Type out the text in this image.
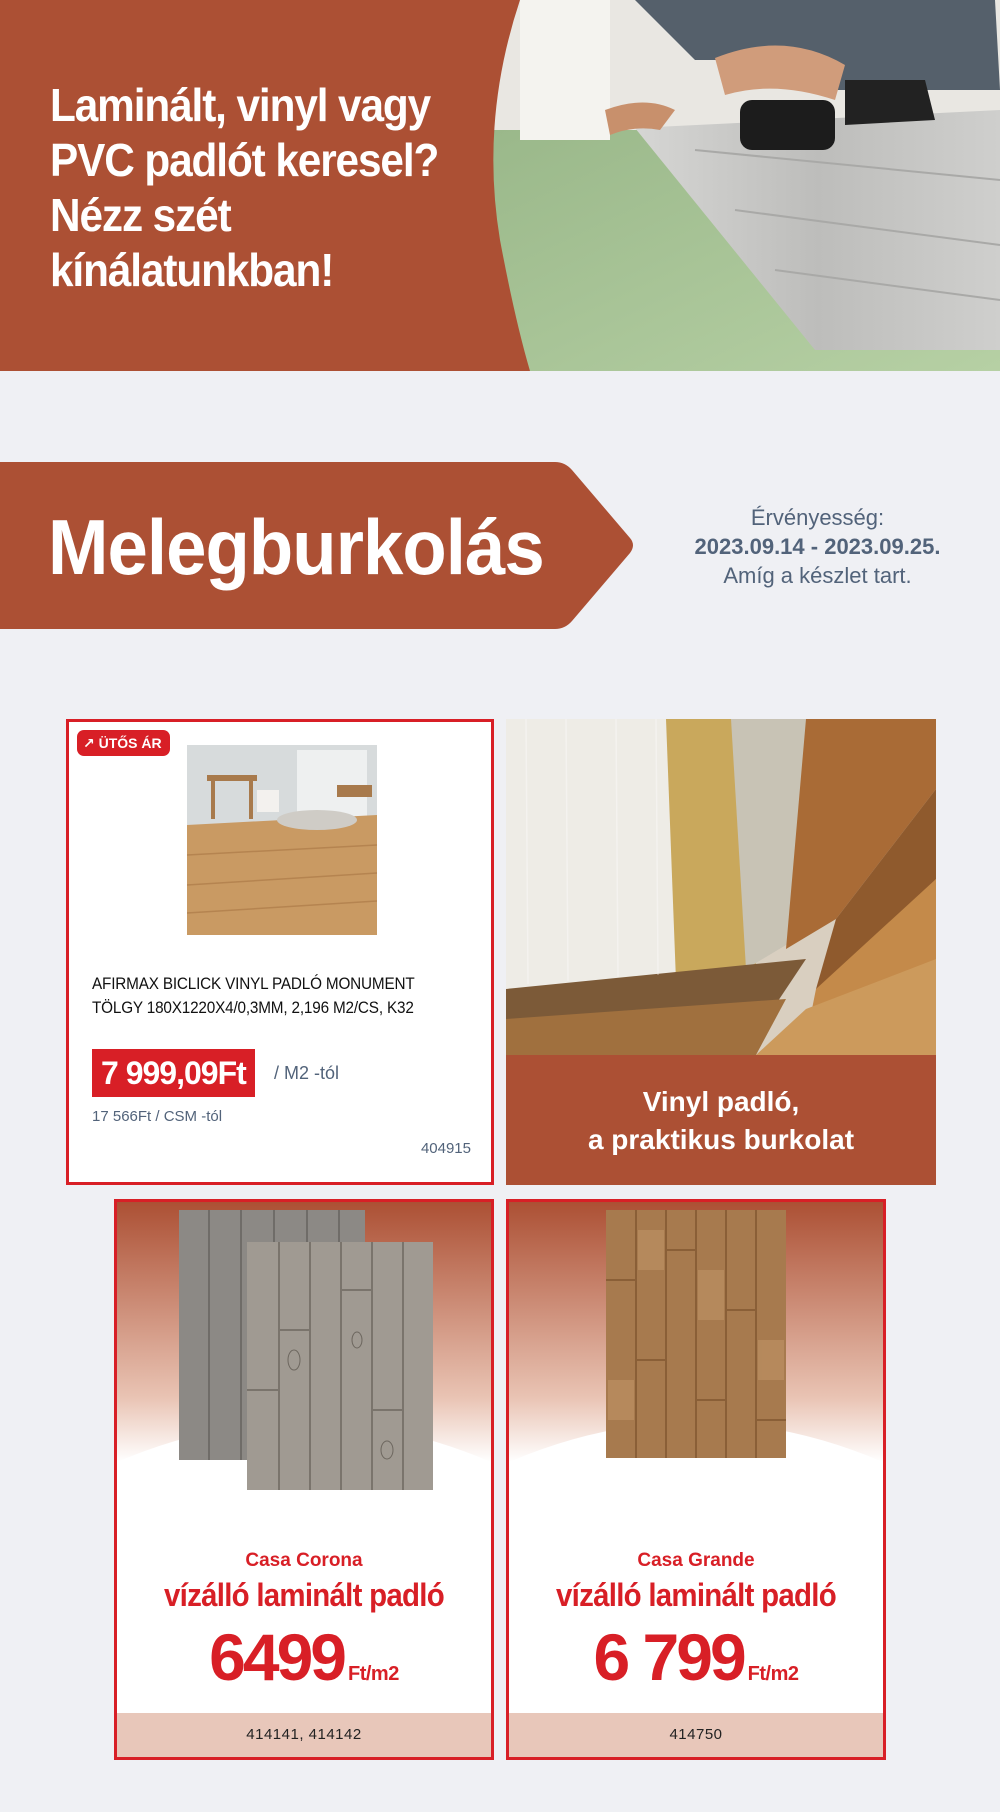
Laminált, vinyl vagy
PVC padlót keresel?
Nézz szét
kínálatunkban!
Melegburkolás	Érvényesség:
2023.09.14 - 2023.09.25.
Amíg a készlet tart.
↗ ÜTŐS ÁR
AFIRMAX BICLICK VINYL PADLÓ MONUMENT
TÖLGY 180X1220X4/0,3MM, 2,196 M2/CS, K32
7 999,09Ft	/ M2 -tól
17 566Ft / CSM -tól
404915
Vinyl padló,
a praktikus burkolat
Casa Corona
vízálló laminált padló
6499 Ft/m2
414141, 414142
Casa Grande
vízálló laminált padló
6 799 Ft/m2
414750
